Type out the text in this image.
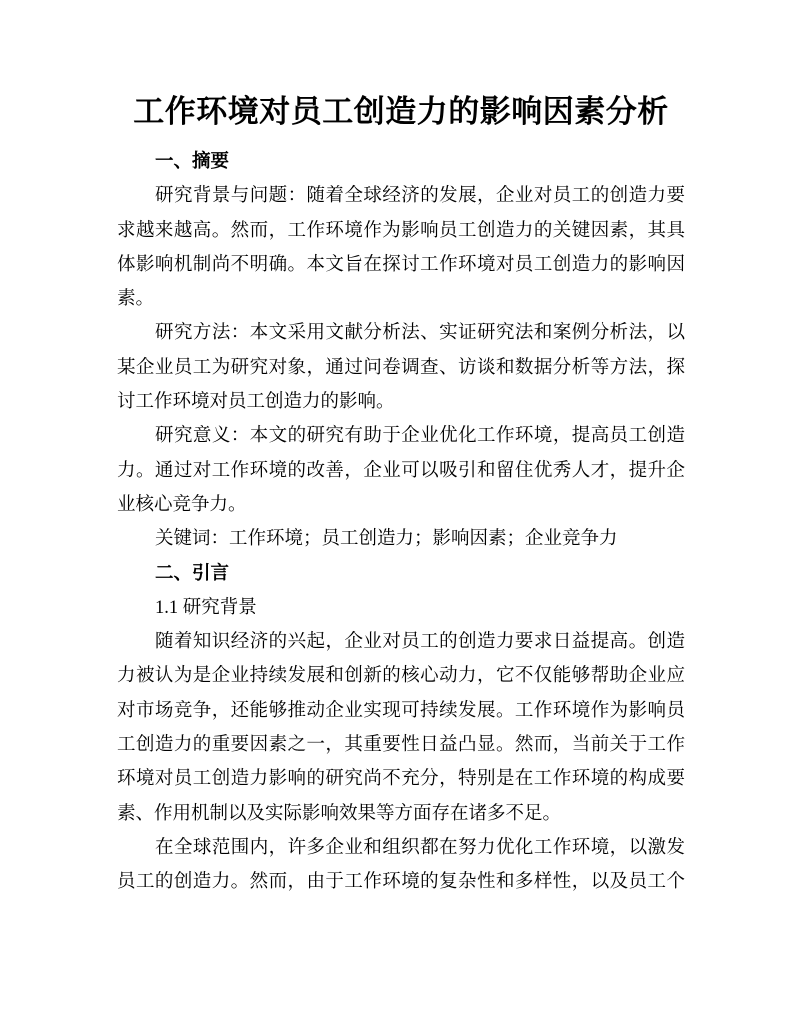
工作环境对员工创造力的影响因素分析

一、摘要

研究背景与问题：随着全球经济的发展，企业对员工的创造力要
求越来越高。然而，工作环境作为影响员工创造力的关键因素，其具
体影响机制尚不明确。本文旨在探讨工作环境对员工创造力的影响因
素。

研究方法：本文采用文献分析法、实证研究法和案例分析法，以
某企业员工为研究对象，通过问卷调查、访谈和数据分析等方法，探
讨工作环境对员工创造力的影响。

研究意义：本文的研究有助于企业优化工作环境，提高员工创造
力。通过对工作环境的改善，企业可以吸引和留住优秀人才，提升企
业核心竞争力。

关键词：工作环境；员工创造力；影响因素；企业竞争力

二、引言

1.1 研究背景

随着知识经济的兴起，企业对员工的创造力要求日益提高。创造
力被认为是企业持续发展和创新的核心动力，它不仅能够帮助企业应
对市场竞争，还能够推动企业实现可持续发展。工作环境作为影响员
工创造力的重要因素之一，其重要性日益凸显。然而，当前关于工作
环境对员工创造力影响的研究尚不充分，特别是在工作环境的构成要
素、作用机制以及实际影响效果等方面存在诸多不足。

在全球范围内，许多企业和组织都在努力优化工作环境，以激发
员工的创造力。然而，由于工作环境的复杂性和多样性，以及员工个
